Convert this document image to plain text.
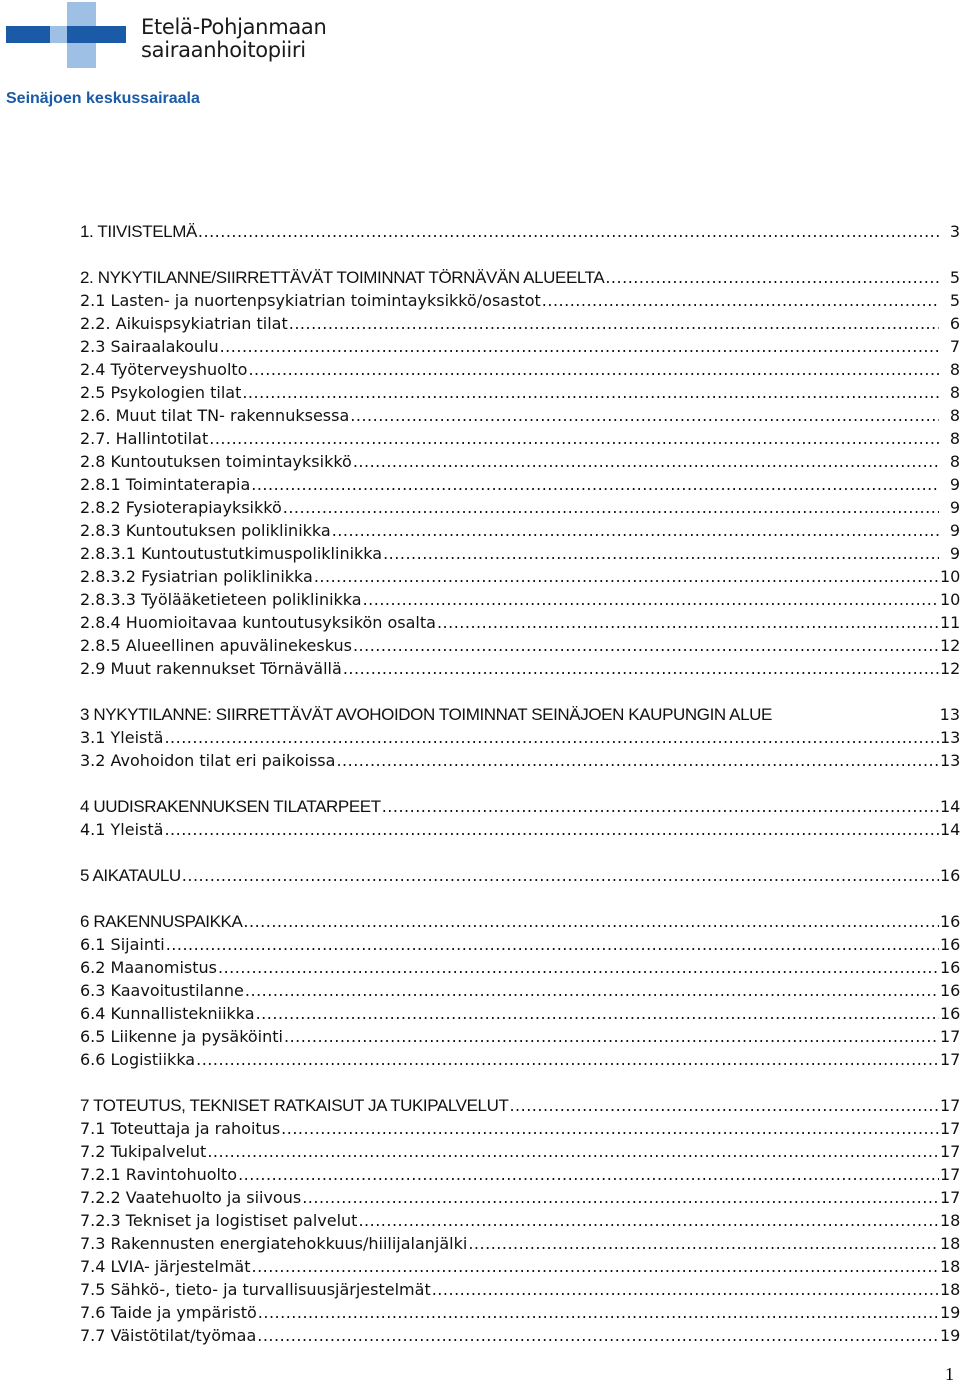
Etelä-Pohjanmaan
sairaanhoitopiiri
Seinäjoen keskussairaala
1. TIIVISTELMÄ .....	3
2. NYKYTILANNE/SIIRRETTÄVÄT TOIMINNAT TÖRNÄVÄN ALUEELTA .....	5
2.1 Lasten- ja nuortenpsykiatrian toimintayksikkö/osastot .....	5
2.2. Aikuispsykiatrian tilat .....	6
2.3 Sairaalakoulu .....	7
2.4 Työterveyshuolto .....	8
2.5 Psykologien tilat .....	8
2.6. Muut tilat TN- rakennuksessa .....	8
2.7. Hallintotilat .....	8
2.8 Kuntoutuksen toimintayksikkö .....	8
2.8.1 Toimintaterapia .....	9
2.8.2 Fysioterapiayksikkö .....	9
2.8.3 Kuntoutuksen poliklinikka .....	9
2.8.3.1 Kuntoutustutkimuspoliklinikka .....	9
2.8.3.2 Fysiatrian poliklinikka .....	10
2.8.3.3 Työlääketieteen poliklinikka .....	10
2.8.4 Huomioitavaa kuntoutusyksikön osalta .....	11
2.8.5 Alueellinen apuvälinekeskus .....	12
2.9 Muut rakennukset Törnävällä .....	12
3 NYKYTILANNE: SIIRRETTÄVÄT AVOHOIDON TOIMINNAT SEINÄJOEN KAUPUNGIN ALUE	13
3.1 Yleistä .....	13
3.2 Avohoidon tilat eri paikoissa .....	13
4 UUDISRAKENNUKSEN TILATARPEET .....	14
4.1 Yleistä .....	14
5 AIKATAULU .....	16
6 RAKENNUSPAIKKA .....	16
6.1 Sijainti .....	16
6.2 Maanomistus .....	16
6.3 Kaavoitustilanne .....	16
6.4 Kunnallistekniikka .....	16
6.5 Liikenne ja pysäköinti .....	17
6.6 Logistiikka .....	17
7 TOTEUTUS, TEKNISET RATKAISUT JA TUKIPALVELUT .....	17
7.1 Toteuttaja ja rahoitus .....	17
7.2 Tukipalvelut .....	17
7.2.1 Ravintohuolto .....	17
7.2.2 Vaatehuolto ja siivous .....	17
7.2.3 Tekniset ja logistiset palvelut .....	18
7.3 Rakennusten energiatehokkuus/hiilijalanjälki .....	18
7.4 LVIA- järjestelmät .....	18
7.5 Sähkö-, tieto- ja turvallisuusjärjestelmät .....	18
7.6 Taide ja ympäristö .....	19
7.7 Väistötilat/työmaa .....	19
1
